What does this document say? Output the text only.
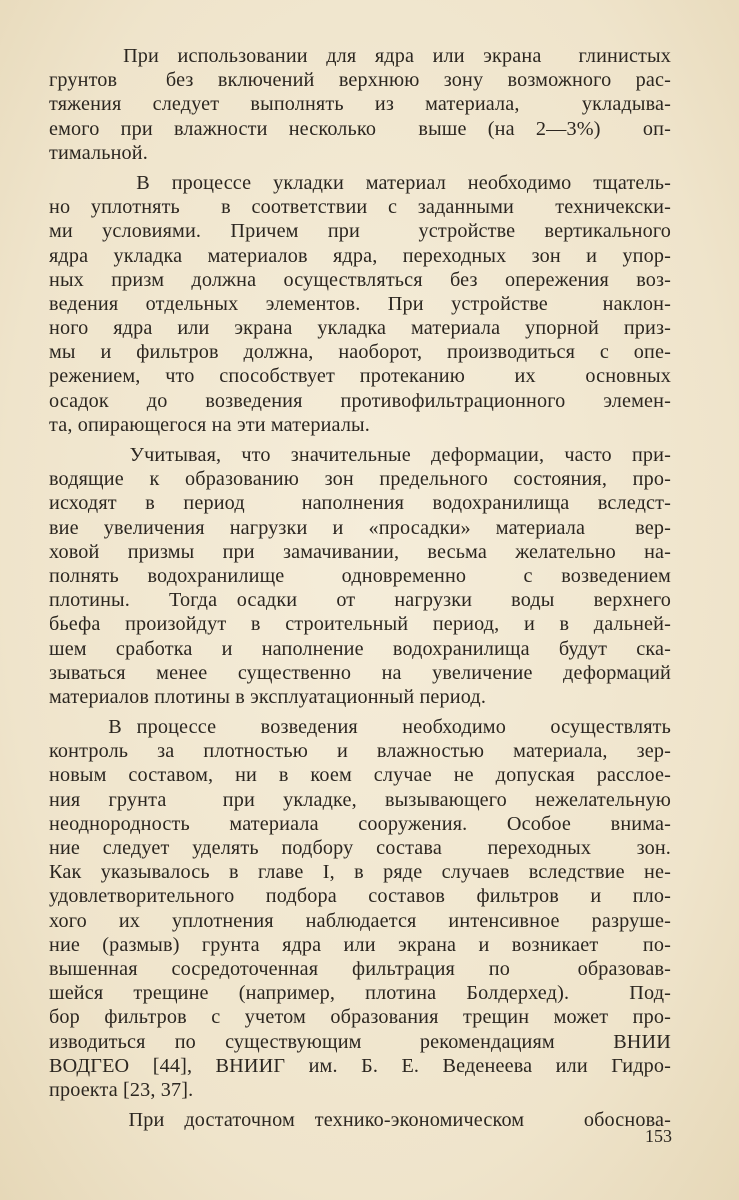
При использовании для ядра или экрана  глинистых
грунтов  без включений верхнюю зону возможного рас-
тяжения следует выполнять из материала,  укладыва-
емого при влажности несколько  выше (на 2—3%)  оп-
тимальной.
В процессе укладки материал необходимо тщатель-
но уплотнять  в соответствии с заданными  техничекски-
ми условиями. Причем при  устройстве вертикального
ядра укладка материалов ядра, переходных зон и упор-
ных призм должна осуществляться без опережения воз-
ведения отдельных элементов. При устройстве  наклон-
ного ядра или экрана укладка материала упорной приз-
мы и фильтров должна, наоборот, производиться с опе-
режением, что способствует протеканию  их  основных
осадок до возведения противофильтрационного элемен-
та, опирающегося на эти материалы.
Учитывая, что значительные деформации, часто при-
водящие к образованию зон предельного состояния, про-
исходят в период  наполнения водохранилища вследст-
вие увеличения нагрузки и «просадки» материала  вер-
ховой призмы при замачивании, весьма желательно на-
полнять водохранилище  одновременно  с возведением
плотины.  Тогда осадки  от  нагрузки  воды  верхнего
бьефа произойдут в строительный период, и в дальней-
шем сработка и наполнение водохранилища будут ска-
зываться менее существенно на увеличение деформаций
материалов плотины в эксплуатационный период.
В процессе   возведения   необходимо   осуществлять
контроль за плотностью и влажностью материала, зер-
новым составом, ни в коем случае не допуская расслое-
ния грунта  при укладке, вызывающего нежелательную
неоднородность материала сооружения. Особое внима-
ние следует уделять подбору состава  переходных  зон.
Как указывалось в главе I, в ряде случаев вследствие не-
удовлетворительного подбора составов фильтров и пло-
хого их уплотнения наблюдается интенсивное разруше-
ние (размыв) грунта ядра или экрана и возникает  по-
вышенная сосредоточенная фильтрация по  образовав-
шейся трещине (например, плотина Болдерхед).  Под-
бор фильтров с учетом образования трещин может про-
изводиться по существующим  рекомендациям  ВНИИ
ВОДГЕО [44], ВНИИГ им. Б. Е. Веденеева или Гидро-
проекта [23, 37].
При достаточном технико-экономическом   обоснова-
153
